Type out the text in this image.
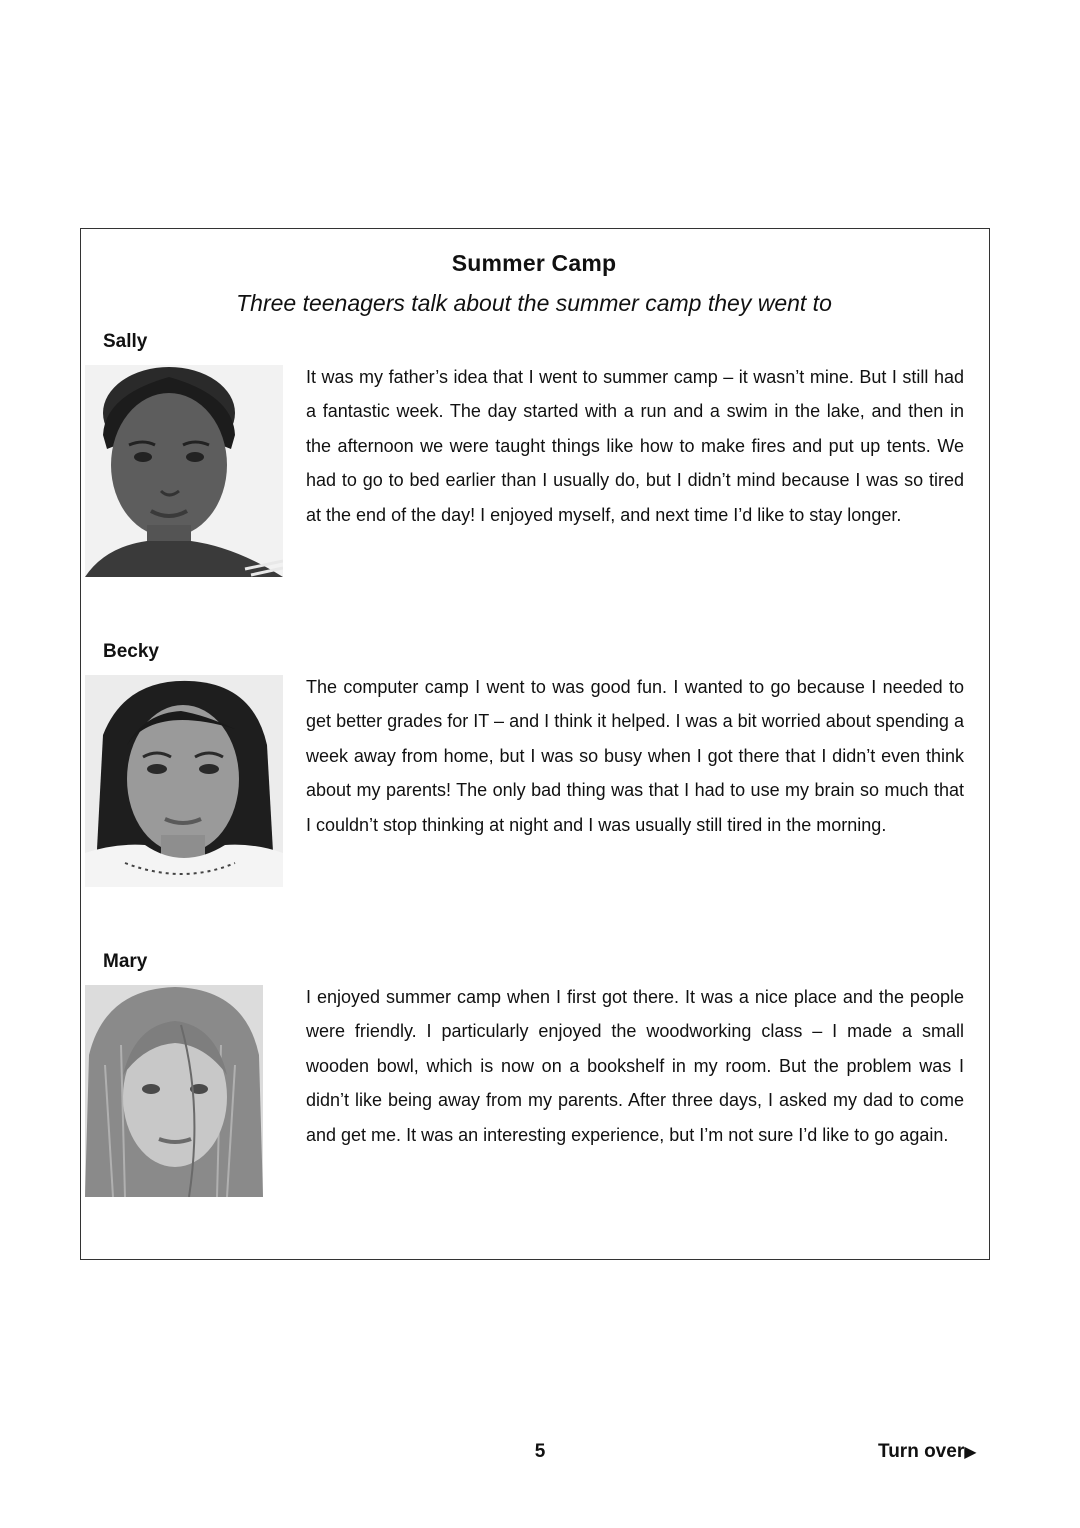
Summer Camp
Three teenagers talk about the summer camp they went to
Sally
It was my father’s idea that I went to summer camp – it wasn’t mine. But I still had a fantastic week. The day started with a run and a swim in the lake, and then in the afternoon we were taught things like how to make fires and put up tents. We had to go to bed earlier than I usually do, but I didn’t mind because I was so tired at the end of the day! I enjoyed myself, and next time I’d like to stay longer.
Becky
The computer camp I went to was good fun. I wanted to go because I needed to get better grades for IT – and I think it helped. I was a bit worried about spending a week away from home, but I was so busy when I got there that I didn’t even think about my parents! The only bad thing was that I had to use my brain so much that I couldn’t stop thinking at night and I was usually still tired in the morning.
Mary
I enjoyed summer camp when I first got there. It was a nice place and the people were friendly. I particularly enjoyed the woodworking class – I made a small wooden bowl, which is now on a bookshelf in my room. But the problem was I didn’t like being away from my parents. After three days, I asked my dad to come and get me. It was an interesting experience, but I’m not sure I’d like to go again.
5	Turn over▶
